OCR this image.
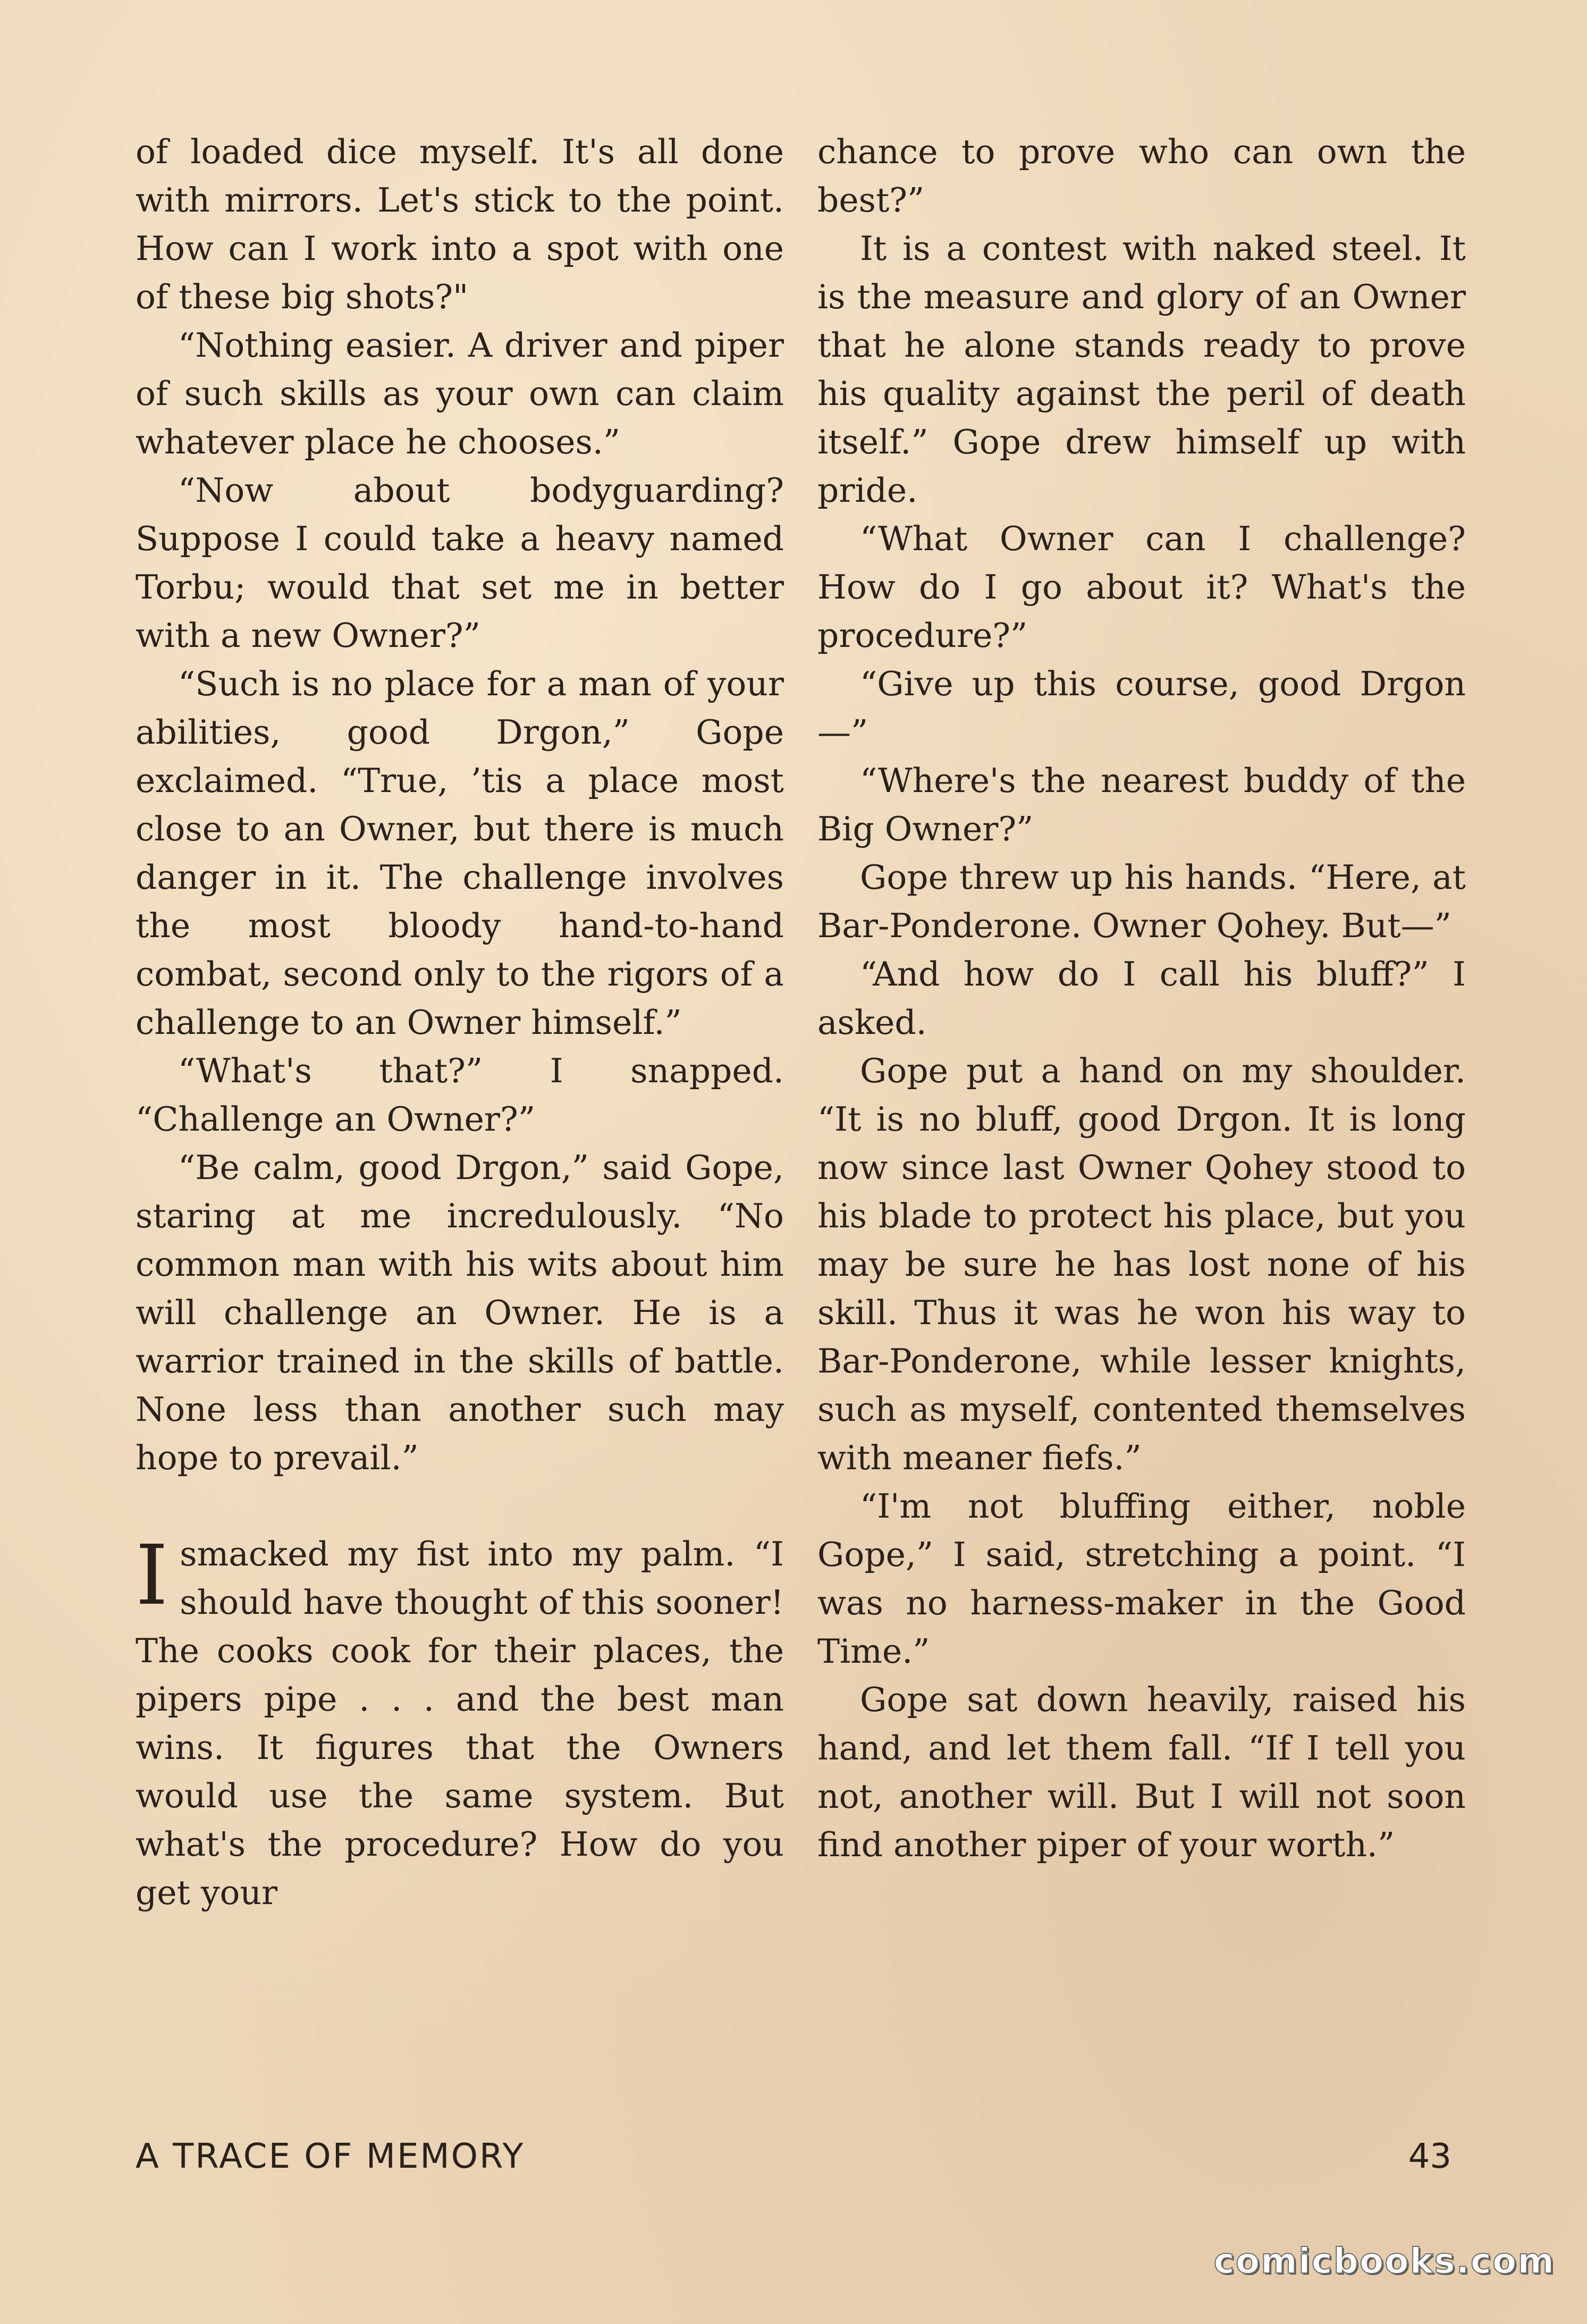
of loaded dice myself. It's all done with mirrors. Let's stick to the point. How can I work into a spot with one of these big shots?"

“Nothing easier. A driver and piper of such skills as your own can claim whatever place he chooses.”

“Now about bodyguarding? Suppose I could take a heavy named Torbu; would that set me in better with a new Owner?”

“Such is no place for a man of your abilities, good Drgon,” Gope exclaimed. “True, ’tis a place most close to an Owner, but there is much danger in it. The challenge involves the most bloody hand-to-hand combat, second only to the rigors of a challenge to an Owner himself.”

“What's that?” I snapped. “Challenge an Owner?”

“Be calm, good Drgon,” said Gope, staring at me incredulously. “No common man with his wits about him will challenge an Owner. He is a warrior trained in the skills of battle. None less than another such may hope to prevail.”

Ismacked my fist into my palm. “I should have thought of this sooner! The cooks cook for their places, the pipers pipe . . . and the best man wins. It figures that the Owners would use the same system. But what's the procedure? How do you get your

chance to prove who can own the best?”

It is a contest with naked steel. It is the measure and glory of an Owner that he alone stands ready to prove his quality against the peril of death itself.” Gope drew himself up with pride.

“What Owner can I challenge? How do I go about it? What's the procedure?”

“Give up this course, good Drgon—”

“Where's the nearest buddy of the Big Owner?”

Gope threw up his hands. “Here, at Bar-Ponderone. Owner Qohey. But—”

“And how do I call his bluff?” I asked.

Gope put a hand on my shoulder. “It is no bluff, good Drgon. It is long now since last Owner Qohey stood to his blade to protect his place, but you may be sure he has lost none of his skill. Thus it was he won his way to Bar-Ponderone, while lesser knights, such as myself, contented themselves with meaner fiefs.”

“I'm not bluffing either, noble Gope,” I said, stretching a point. “I was no harness-maker in the Good Time.”

Gope sat down heavily, raised his hand, and let them fall. “If I tell you not, another will. But I will not soon find another piper of your worth.”

A TRACE OF MEMORY	43
comicbooks.com
